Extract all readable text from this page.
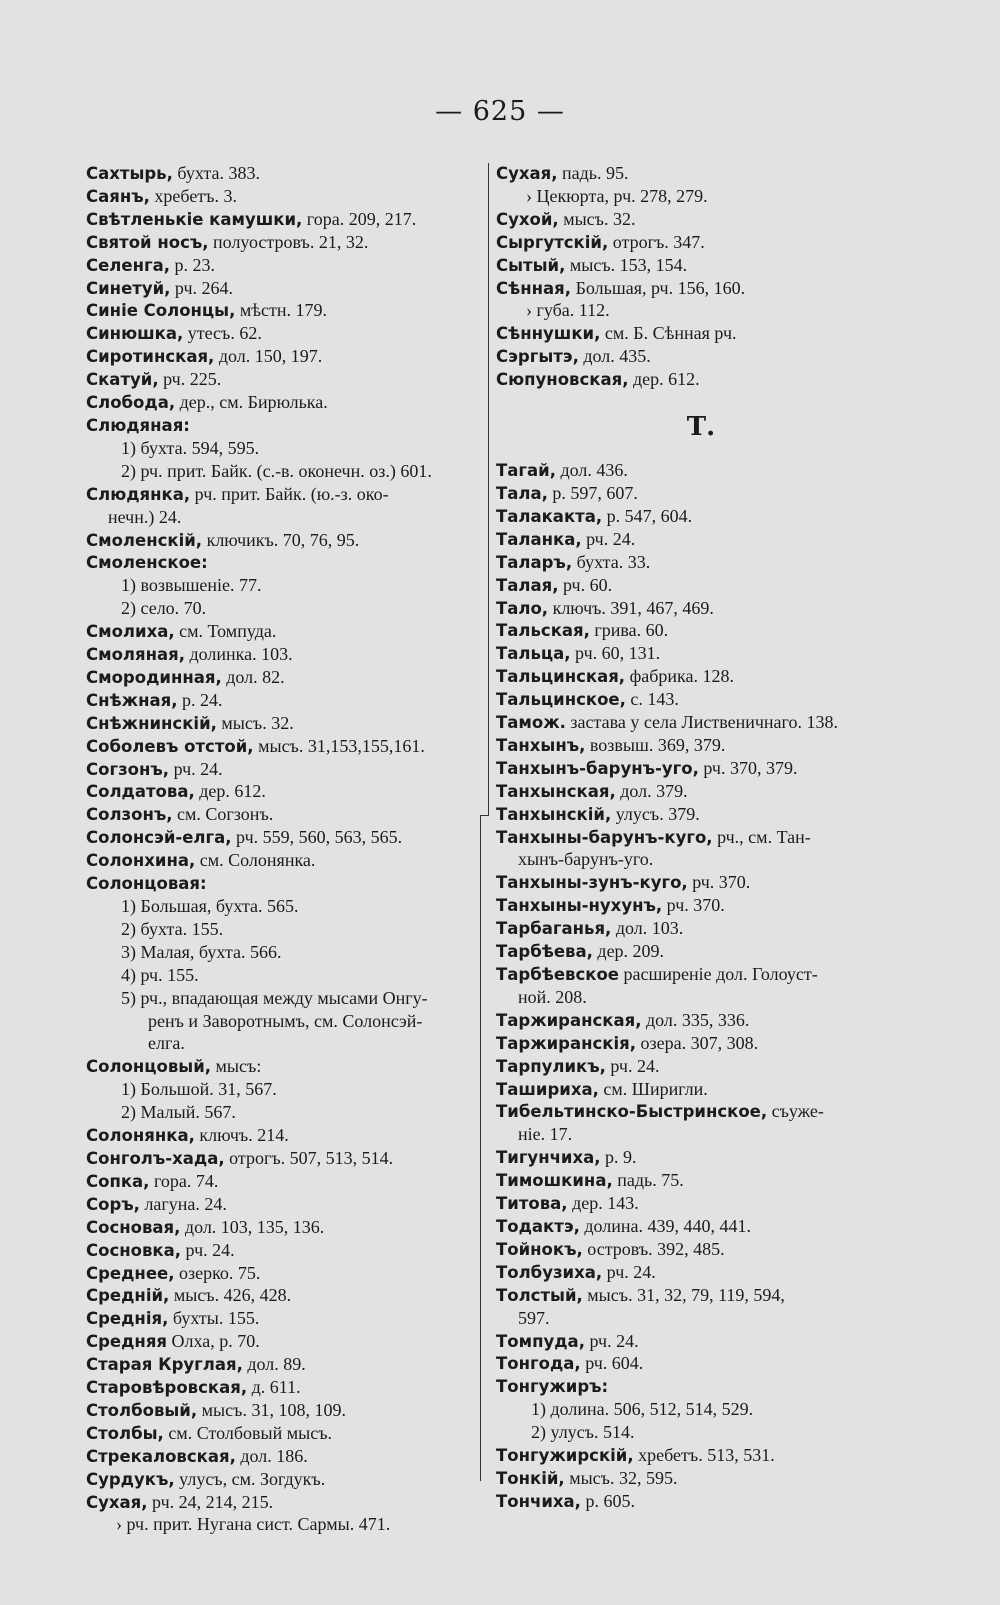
— 625 —
Сахтырь, бухта. 383.
Саянъ, хребетъ. 3.
Свѣтленькіе камушки, гора. 209, 217.
Святой носъ, полуостровъ. 21, 32.
Селенга, р. 23.
Синетуй, рч. 264.
Синіе Солонцы, мѣстн. 179.
Синюшка, утесъ. 62.
Сиротинская, дол. 150, 197.
Скатуй, рч. 225.
Слобода, дер., см. Бирюлька.
Слюдяная:
1) бухта. 594, 595.
2) рч. прит. Байк. (с.-в. оконечн. оз.) 601.
Слюдянка, рч. прит. Байк. (ю.-з. око-
нечн.) 24.
Смоленскій, ключикъ. 70, 76, 95.
Смоленское:
1) возвышеніе. 77.
2) село. 70.
Смолиха, см. Томпуда.
Смоляная, долинка. 103.
Смородинная, дол. 82.
Снѣжная, р. 24.
Снѣжнинскій, мысъ. 32.
Соболевъ отстой, мысъ. 31,153,155,161.
Согзонъ, рч. 24.
Солдатова, дер. 612.
Солзонъ, см. Согзонъ.
Солонсэй-елга, рч. 559, 560, 563, 565.
Солонхина, см. Солонянка.
Солонцовая:
1) Большая, бухта. 565.
2) бухта. 155.
3) Малая, бухта. 566.
4) рч. 155.
5) рч., впадающая между мысами Онгу-
ренъ и Заворотнымъ, см. Солонсэй-
елга.
Солонцовый, мысъ:
1) Большой. 31, 567.
2) Малый. 567.
Солонянка, ключъ. 214.
Сонголъ-хада, отрогъ. 507, 513, 514.
Сопка, гора. 74.
Соръ, лагуна. 24.
Сосновая, дол. 103, 135, 136.
Сосновка, рч. 24.
Среднее, озерко. 75.
Средній, мысъ. 426, 428.
Среднія, бухты. 155.
Средняя Олха, р. 70.
Старая Круглая, дол. 89.
Старовѣровская, д. 611.
Столбовый, мысъ. 31, 108, 109.
Столбы, см. Столбовый мысъ.
Стрекаловская, дол. 186.
Сурдукъ, улусъ, см. Зогдукъ.
Сухая, рч. 24, 214, 215.
› рч. прит. Нугана сист. Сармы. 471.
Сухая, падь. 95.
› Цекюрта, рч. 278, 279.
Сухой, мысъ. 32.
Сыргутскій, отрогъ. 347.
Сытый, мысъ. 153, 154.
Сѣнная, Большая, рч. 156, 160.
› губа. 112.
Сѣннушки, см. Б. Сѣнная рч.
Сэргытэ, дол. 435.
Сюпуновская, дер. 612.
Т.
Тагай, дол. 436.
Тала, р. 597, 607.
Талакакта, р. 547, 604.
Таланка, рч. 24.
Таларъ, бухта. 33.
Талая, рч. 60.
Тало, ключъ. 391, 467, 469.
Тальская, грива. 60.
Тальца, рч. 60, 131.
Тальцинская, фабрика. 128.
Тальцинское, с. 143.
Тамож. застава у села Лиственичнаго. 138.
Танхынъ, возвыш. 369, 379.
Танхынъ-барунъ-уго, рч. 370, 379.
Танхынская, дол. 379.
Танхынскій, улусъ. 379.
Танхыны-барунъ-куго, рч., см. Тан-
хынъ-барунъ-уго.
Танхыны-зунъ-куго, рч. 370.
Танхыны-нухунъ, рч. 370.
Тарбаганья, дол. 103.
Тарбѣева, дер. 209.
Тарбѣевское расширеніе дол. Голоуст-
ной. 208.
Таржиранская, дол. 335, 336.
Таржиранскія, озера. 307, 308.
Тарпуликъ, рч. 24.
Ташириха, см. Ширигли.
Тибельтинско-Быстринское, съуже-
ніе. 17.
Тигунчиха, р. 9.
Тимошкина, падь. 75.
Титова, дер. 143.
Тодактэ, долина. 439, 440, 441.
Тойнокъ, островъ. 392, 485.
Толбузиха, рч. 24.
Толстый, мысъ. 31, 32, 79, 119, 594,
597.
Томпуда, рч. 24.
Тонгода, рч. 604.
Тонгужиръ:
1) долина. 506, 512, 514, 529.
2) улусъ. 514.
Тонгужирскій, хребетъ. 513, 531.
Тонкій, мысъ. 32, 595.
Тончиха, р. 605.
